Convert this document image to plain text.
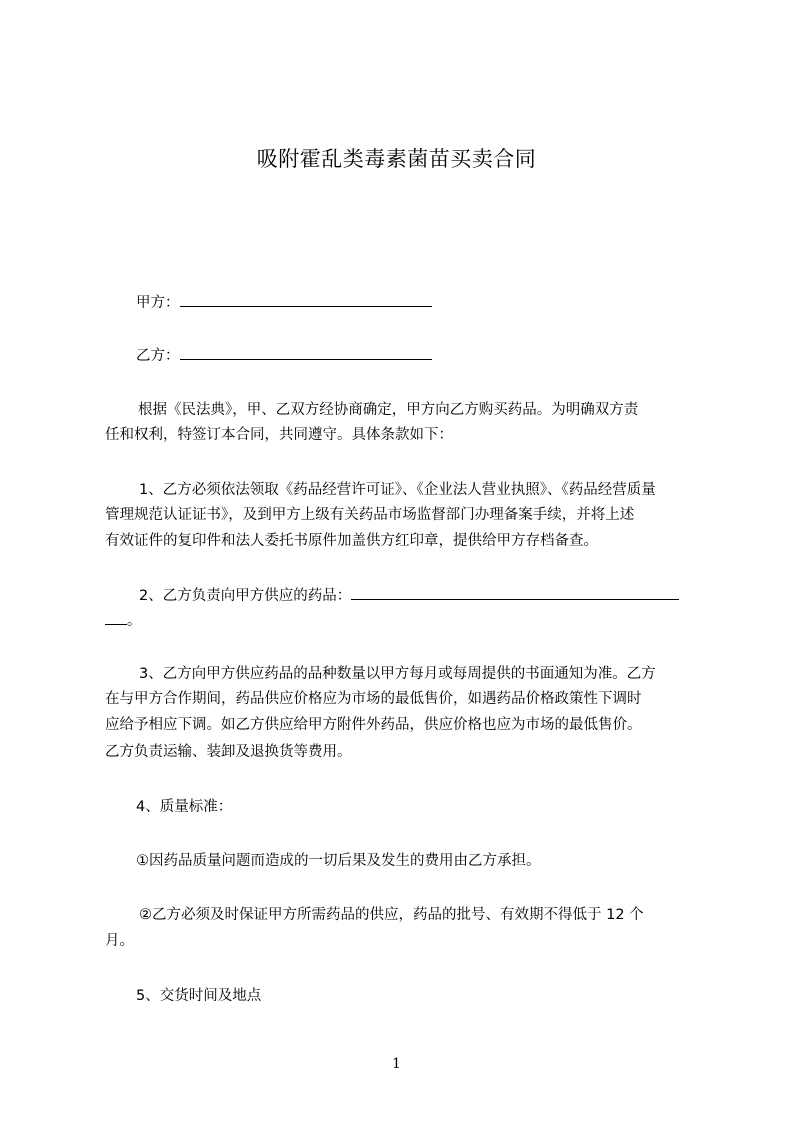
吸附霍乱类毒素菌苗买卖合同
甲方：
乙方：
根据《民法典》，甲、乙双方经协商确定，甲方向乙方购买药品。为明确双方责
任和权利，特签订本合同，共同遵守。具体条款如下：
1、乙方必须依法领取《药品经营许可证》、《企业法人营业执照》、《药品经营质量
管理规范认证证书》，及到甲方上级有关药品市场监督部门办理备案手续，并将上述
有效证件的复印件和法人委托书原件加盖供方红印章，提供给甲方存档备查。
2、乙方负责向甲方供应的药品：
。
3、乙方向甲方供应药品的品种数量以甲方每月或每周提供的书面通知为准。乙方
在与甲方合作期间，药品供应价格应为市场的最低售价，如遇药品价格政策性下调时
应给予相应下调。如乙方供应给甲方附件外药品，供应价格也应为市场的最低售价。
乙方负责运输、装卸及退换货等费用。
4、质量标准：
①因药品质量问题而造成的一切后果及发生的费用由乙方承担。
②乙方必须及时保证甲方所需药品的供应，药品的批号、有效期不得低于 12 个
月。
5、交货时间及地点
1
